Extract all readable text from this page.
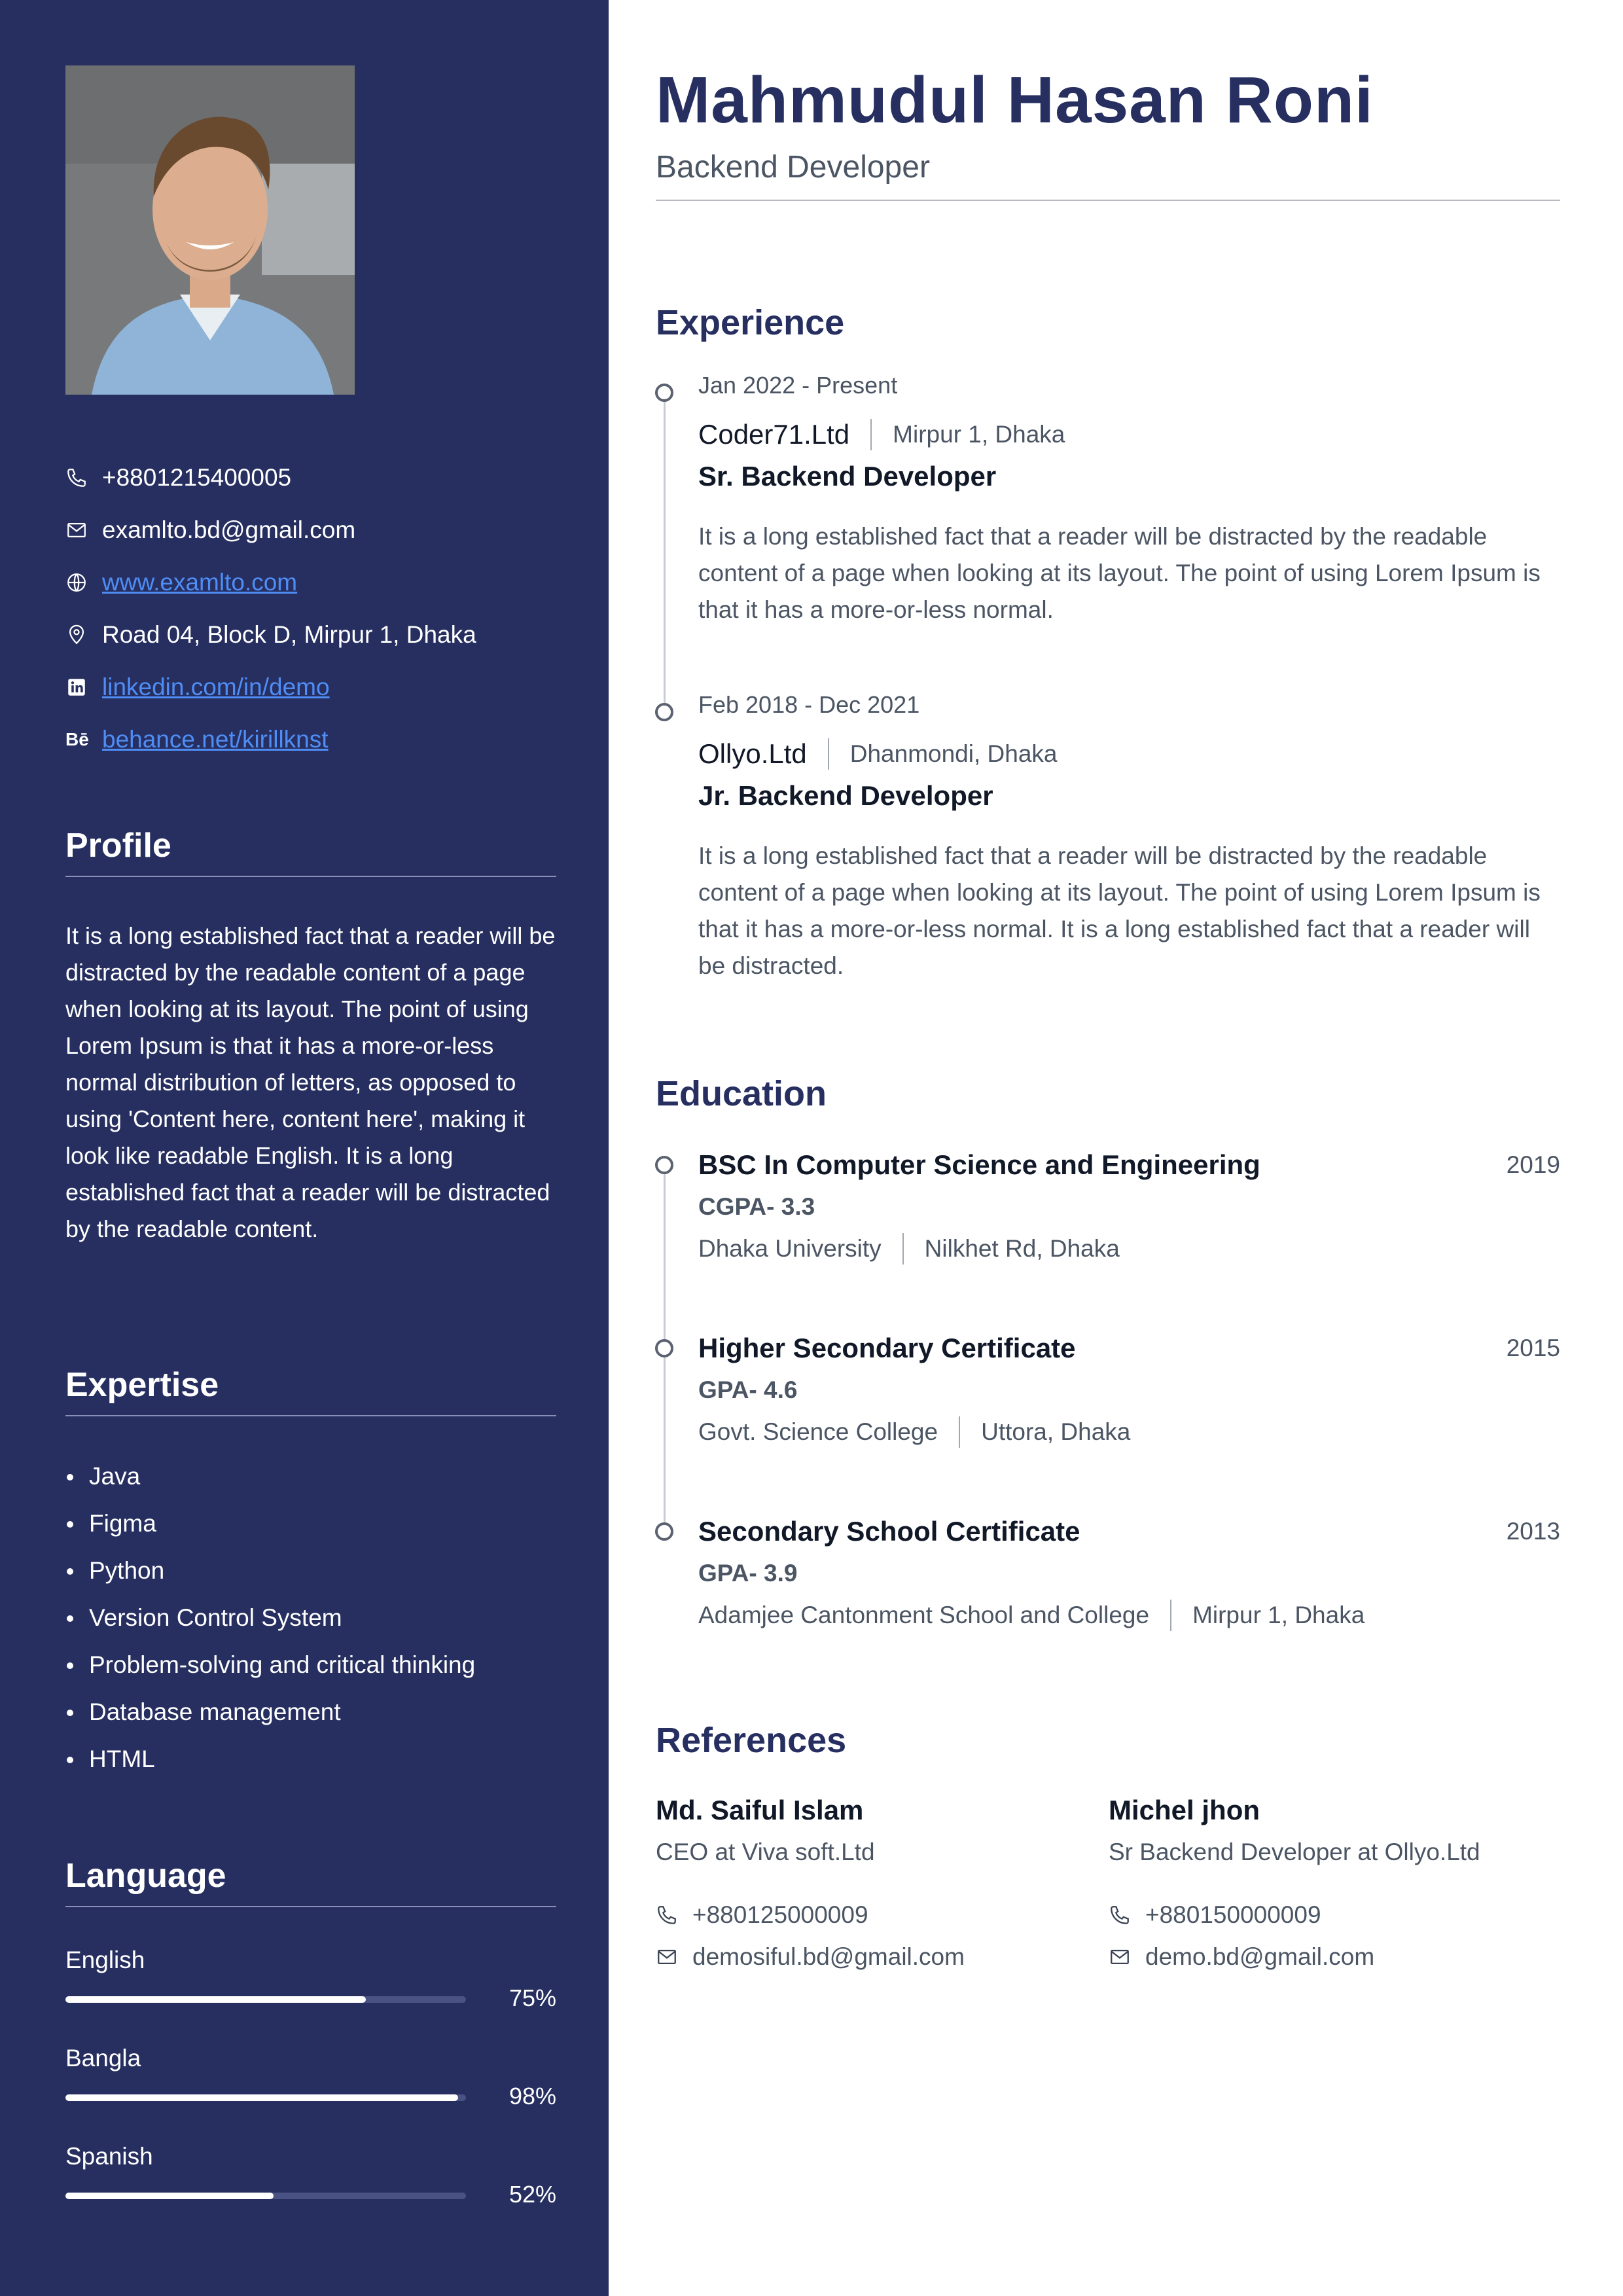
+8801215400005
examlto.bd@gmail.com
www.examlto.com
Road 04, Block D, Mirpur 1, Dhaka
linkedin.com/in/demo
Bē behance.net/kirillknst
Profile

It is a long established fact that a reader will be distracted by the readable content of a page when looking at its layout. The point of using Lorem Ipsum is that it has a more-or-less normal distribution of letters, as opposed to using 'Content here, content here', making it look like readable English. It is a long established fact that a reader will be distracted by the readable content.

Expertise
Java
Figma
Python
Version Control System
Problem-solving and critical thinking
Database management
HTML
Language
English
75%
Bangla
98%
Spanish
52%
Mahmudul Hasan Roni
Backend Developer
Experience
Jan 2022 - Present
Coder71.Ltd Mirpur 1, Dhaka
Sr. Backend Developer

It is a long established fact that a reader will be distracted by the readable content of a page when looking at its layout. The point of using Lorem Ipsum is that it has a more-or-less normal.

Feb 2018 - Dec 2021
Ollyo.Ltd Dhanmondi, Dhaka
Jr. Backend Developer

It is a long established fact that a reader will be distracted by the readable content of a page when looking at its layout. The point of using Lorem Ipsum is that it has a more-or-less normal. It is a long established fact that a reader will be distracted.

Education
BSC In Computer Science and Engineering	2019
CGPA- 3.3
Dhaka University Nilkhet Rd, Dhaka
Higher Secondary Certificate	2015
GPA- 4.6
Govt. Science College Uttora, Dhaka
Secondary School Certificate	2013
GPA- 3.9
Adamjee Cantonment School and College Mirpur 1, Dhaka
References
Md. Saiful Islam
CEO at Viva soft.Ltd
+880125000009
demosiful.bd@gmail.com
Michel jhon
Sr Backend Developer at Ollyo.Ltd
+880150000009
demo.bd@gmail.com
